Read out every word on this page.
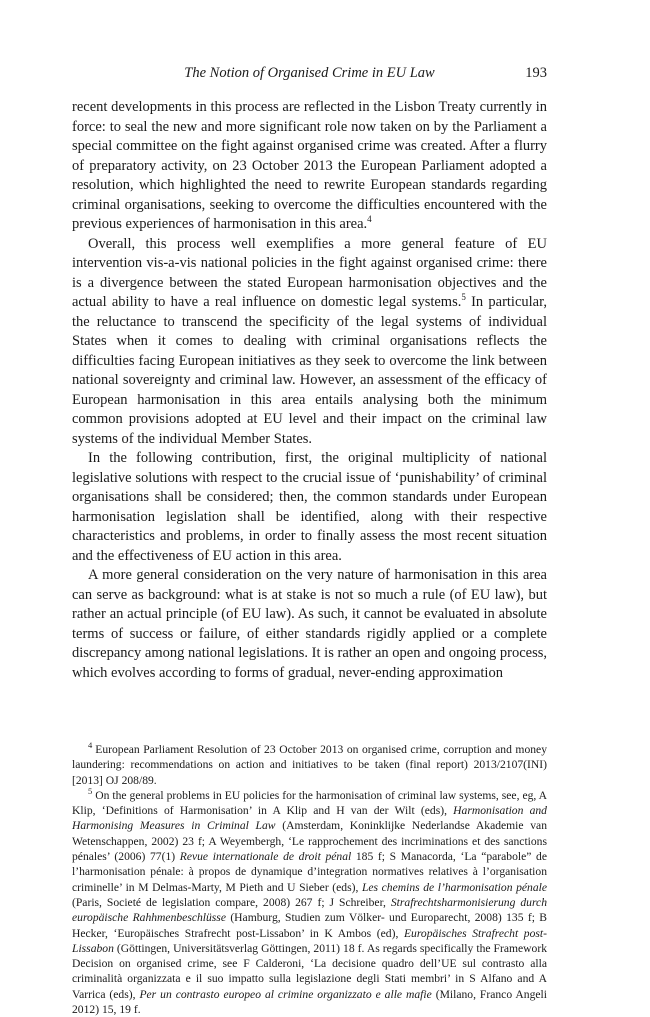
The Notion of Organised Crime in EU Law	193

recent developments in this process are reflected in the Lisbon Treaty currently in force: to seal the new and more significant role now taken on by the Parliament a special committee on the fight against organised crime was created. After a flurry of preparatory activity, on 23 October 2013 the European Parliament adopted a resolution, which highlighted the need to rewrite European standards regarding criminal organisations, seeking to overcome the difficulties encountered with the previous experiences of harmonisation in this area.$^4$

Overall, this process well exemplifies a more general feature of EU intervention vis-a-vis national policies in the fight against organised crime: there is a divergence between the stated European harmonisation objectives and the actual ability to have a real influence on domestic legal systems.$^5$ In particular, the reluctance to transcend the specificity of the legal systems of individual States when it comes to dealing with criminal organisations reflects the difficulties facing European initiatives as they seek to overcome the link between national sovereignty and criminal law. However, an assessment of the efficacy of European harmonisation in this area entails analysing both the minimum common provisions adopted at EU level and their impact on the criminal law systems of the individual Member States.

In the following contribution, first, the original multiplicity of national legislative solutions with respect to the crucial issue of ‘punishability’ of criminal organisations shall be considered; then, the common standards under European harmonisation legislation shall be identified, along with their respective characteristics and problems, in order to finally assess the most recent situation and the effectiveness of EU action in this area.

A more general consideration on the very nature of harmonisation in this area can serve as background: what is at stake is not so much a rule (of EU law), but rather an actual principle (of EU law). As such, it cannot be evaluated in absolute terms of success or failure, of either standards rigidly applied or a complete discrepancy among national legislations. It is rather an open and ongoing process, which evolves according to forms of gradual, never-ending approximation

$^4$ European Parliament Resolution of 23 October 2013 on organised crime, corruption and money laundering: recommendations on action and initiatives to be taken (final report) 2013/2107(INI) [2013] OJ 208/89.

$^5$ On the general problems in EU policies for the harmonisation of criminal law systems, see, eg, A Klip, ‘Definitions of Harmonisation’ in A Klip and H van der Wilt (eds), Harmonisation and Harmonising Measures in Criminal Law (Amsterdam, Koninklijke Nederlandse Akademie van Wetenschappen, 2002) 23 f; A Weyembergh, ‘Le rapprochement des incriminations et des sanctions pénales’ (2006) 77(1) Revue internationale de droit pénal 185 f; S Manacorda, ‘La “parabole” de l’harmonisation pénale: à propos de dynamique d’integration normatives relatives à l’organisation criminelle’ in M Delmas-Marty, M Pieth and U Sieber (eds), Les chemins de l’harmonisation pénale (Paris, Societé de legislation compare, 2008) 267 f; J Schreiber, Strafrechtsharmonisierung durch europäische Rahhmenbeschlüsse (Hamburg, Studien zum Völker- und Europarecht, 2008) 135 f; B Hecker, ‘Europäisches Strafrecht post-Lissabon’ in K Ambos (ed), Europäisches Strafrecht post-Lissabon (Göttingen, Universitätsverlag Göttingen, 2011) 18 f. As regards specifically the Framework Decision on organised crime, see F Calderoni, ‘La decisione quadro dell’UE sul contrasto alla criminalità organizzata e il suo impatto sulla legislazione degli Stati membri’ in S Alfano and A Varrica (eds), Per un contrasto europeo al crimine organizzato e alle mafie (Milano, Franco Angeli 2012) 15, 19 f.
